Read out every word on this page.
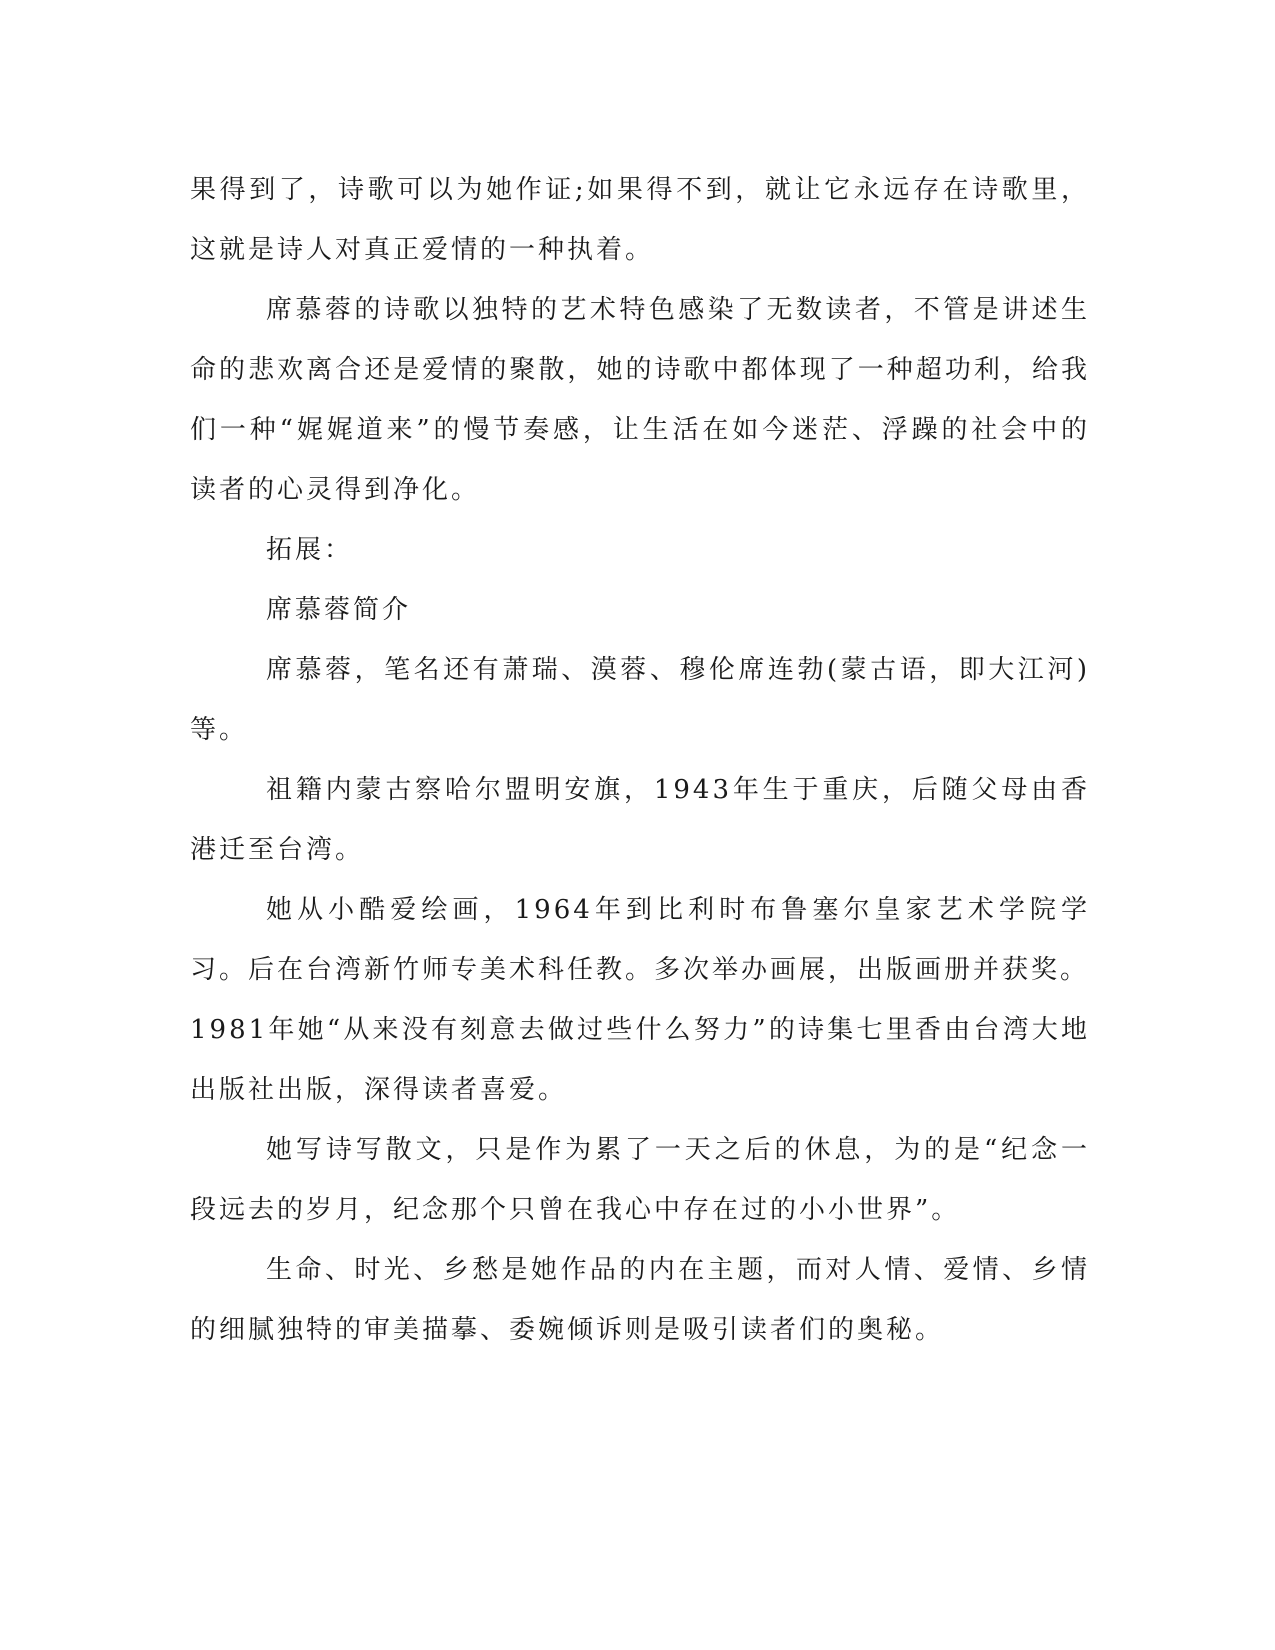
果得到了，诗歌可以为她作证;如果得不到，就让它永远存在诗歌里，这就是诗人对真正爱情的一种执着。

席慕蓉的诗歌以独特的艺术特色感染了无数读者，不管是讲述生命的悲欢离合还是爱情的聚散，她的诗歌中都体现了一种超功利，给我们一种“娓娓道来”的慢节奏感，让生活在如今迷茫、浮躁的社会中的读者的心灵得到净化。

拓展：

席慕蓉简介

席慕蓉，笔名还有萧瑞、漠蓉、穆伦席连勃(蒙古语，即大江河)等。

祖籍内蒙古察哈尔盟明安旗，1943年生于重庆，后随父母由香港迁至台湾。

她从小酷爱绘画，1964年到比利时布鲁塞尔皇家艺术学院学习。后在台湾新竹师专美术科任教。多次举办画展，出版画册并获奖。

1981年她“从来没有刻意去做过些什么努力”的诗集七里香由台湾大地出版社出版，深得读者喜爱。

她写诗写散文，只是作为累了一天之后的休息，为的是“纪念一段远去的岁月，纪念那个只曾在我心中存在过的小小世界”。

生命、时光、乡愁是她作品的内在主题，而对人情、爱情、乡情的细腻独特的审美描摹、委婉倾诉则是吸引读者们的奥秘。
